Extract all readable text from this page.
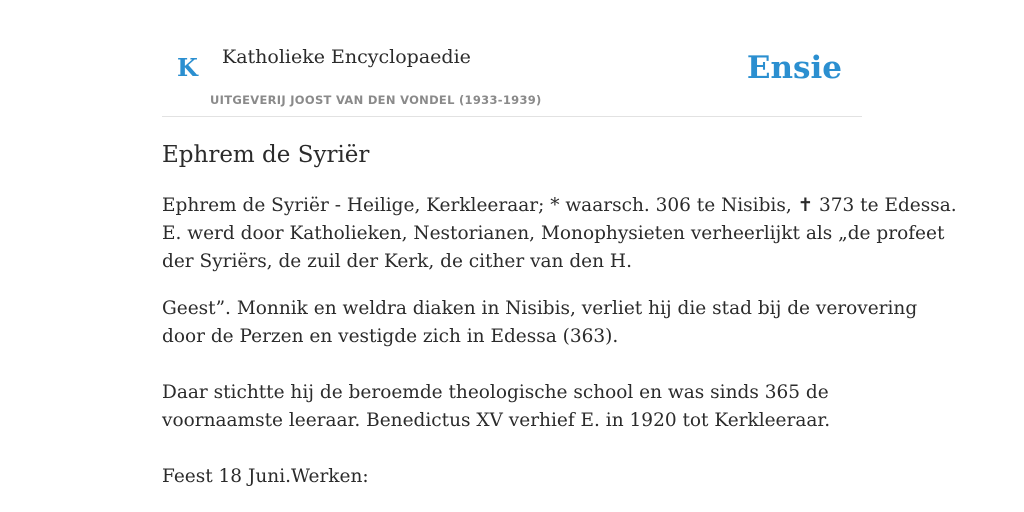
K Katholieke Encyclopaedie
UITGEVERIJ JOOST VAN DEN VONDEL (1933-1939)
Ensie
Ephrem de Syriër

Ephrem de Syriër - Heilige, Kerkleeraar; * waarsch. 306 te Nisibis, ✝ 373 te Edessa.
E. werd door Katholieken, Nestorianen, Monophysieten verheerlijkt als „de profeet
der Syriërs, de zuil der Kerk, de cither van den H.

Geest”. Monnik en weldra diaken in Nisibis, verliet hij die stad bij de verovering
door de Perzen en vestigde zich in Edessa (363).

Daar stichtte hij de beroemde theologische school en was sinds 365 de
voornaamste leeraar. Benedictus XV verhief E. in 1920 tot Kerkleeraar.

Feest 18 Juni.Werken:
